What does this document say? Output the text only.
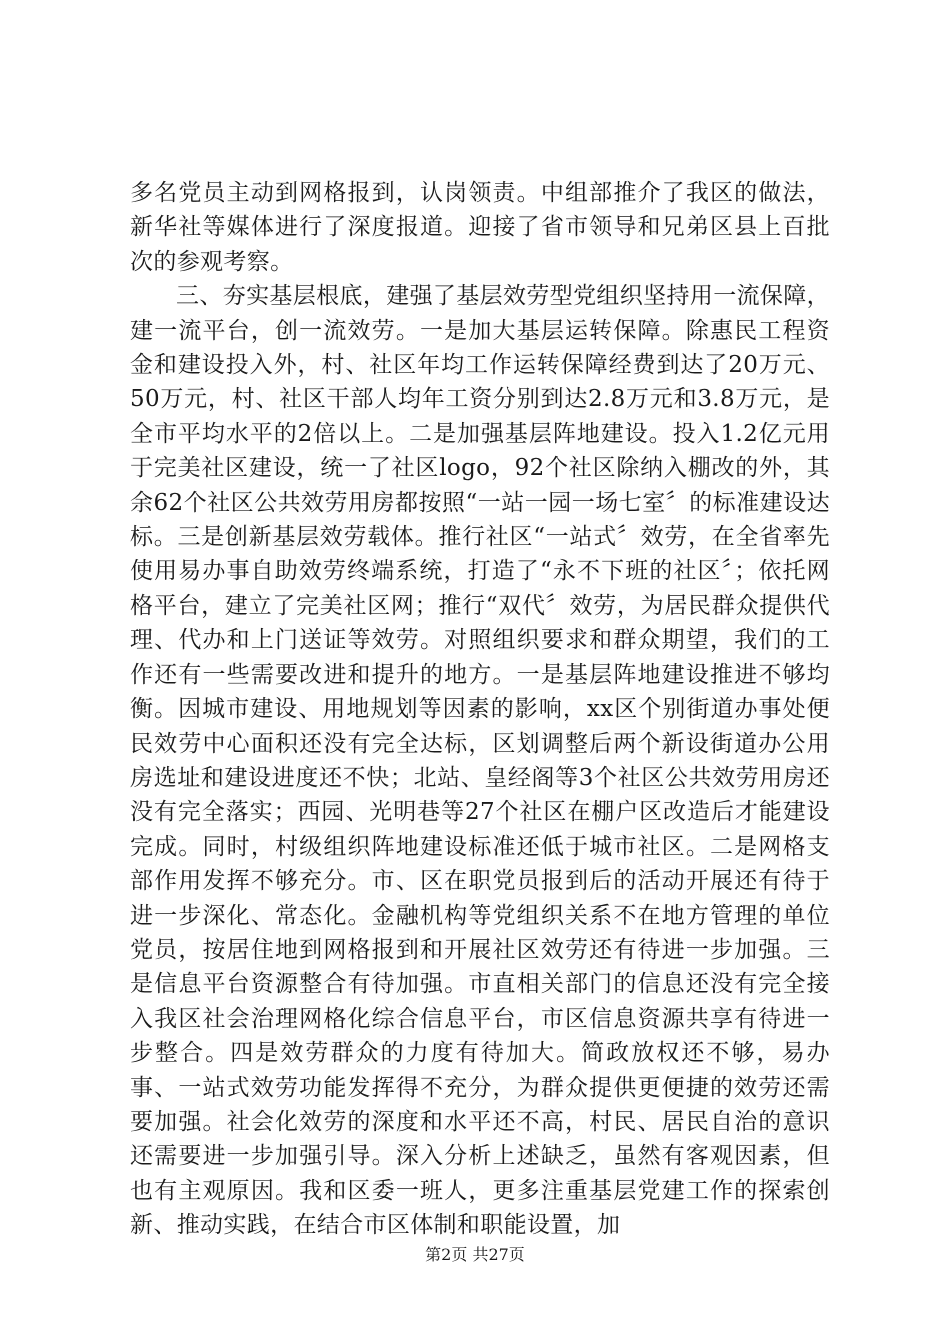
多名党员主动到网格报到，认岗领责。中组部推介了我区的做法，新华社等媒体进行了深度报道。迎接了省市领导和兄弟区县上百批次的参观考察。

三、夯实基层根底，建强了基层效劳型党组织坚持用一流保障，建一流平台，创一流效劳。一是加大基层运转保障。除惠民工程资金和建设投入外，村、社区年均工作运转保障经费到达了20万元、50万元，村、社区干部人均年工资分别到达2.8万元和3.8万元，是全市平均水平的2倍以上。二是加强基层阵地建设。投入1.2亿元用于完美社区建设，统一了社区logo，92个社区除纳入棚改的外，其余62个社区公共效劳用房都按照“一站一园一场七室〞的标准建设达标。三是创新基层效劳载体。推行社区“一站式〞效劳，在全省率先使用易办事自助效劳终端系统，打造了“永不下班的社区〞；依托网格平台，建立了完美社区网；推行“双代〞效劳，为居民群众提供代理、代办和上门送证等效劳。对照组织要求和群众期望，我们的工作还有一些需要改进和提升的地方。一是基层阵地建设推进不够均衡。因城市建设、用地规划等因素的影响，xx区个别街道办事处便民效劳中心面积还没有完全达标，区划调整后两个新设街道办公用房选址和建设进度还不快；北站、皇经阁等3个社区公共效劳用房还没有完全落实；西园、光明巷等27个社区在棚户区改造后才能建设完成。同时，村级组织阵地建设标准还低于城市社区。二是网格支部作用发挥不够充分。市、区在职党员报到后的活动开展还有待于进一步深化、常态化。金融机构等党组织关系不在地方管理的单位党员，按居住地到网格报到和开展社区效劳还有待进一步加强。三是信息平台资源整合有待加强。市直相关部门的信息还没有完全接入我区社会治理网格化综合信息平台，市区信息资源共享有待进一步整合。四是效劳群众的力度有待加大。简政放权还不够，易办事、一站式效劳功能发挥得不充分，为群众提供更便捷的效劳还需要加强。社会化效劳的深度和水平还不高，村民、居民自治的意识还需要进一步加强引导。深入分析上述缺乏，虽然有客观因素，但也有主观原因。我和区委一班人，更多注重基层党建工作的探索创新、推动实践，在结合市区体制和职能设置，加

第2页 共27页
